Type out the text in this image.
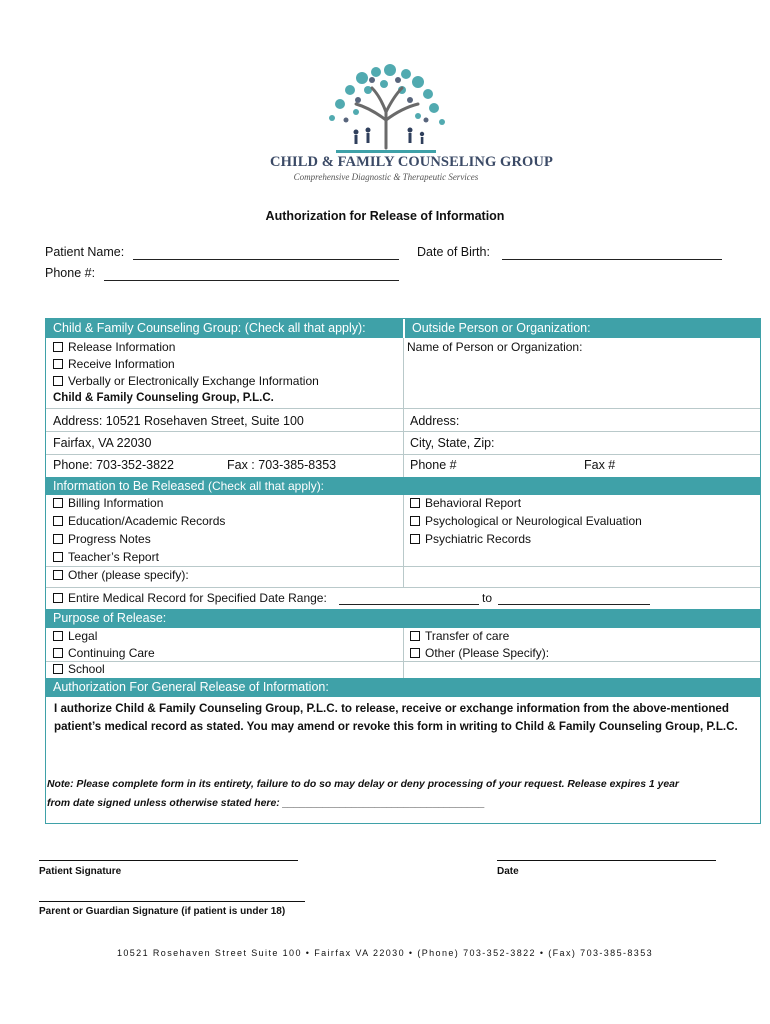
CHILD & FAMILY COUNSELING GROUP
Comprehensive Diagnostic & Therapeutic Services
Authorization for Release of Information
Patient Name:	Date of Birth:
Phone #:
Child & Family Counseling Group: (Check all that apply):	Outside Person or Organization:
Release Information
Receive Information
Verbally or Electronically Exchange Information
Child & Family Counseling Group, P.L.C.
Name of Person or Organization:
Address: 10521 Rosehaven Street, Suite 100	Address:
Fairfax, VA 22030	City, State, Zip:
Phone: 703-352-3822	Fax : 703-385-8353	Phone #	Fax #
Information to Be Released (Check all that apply):
Billing Information
Education/Academic Records
Progress Notes
Teacher’s Report
Other (please specify):
Behavioral Report
Psychological or Neurological Evaluation
Psychiatric Records
Entire Medical Record for Specified Date Range:	to
Purpose of Release:
Legal
Continuing Care
School
Transfer of care
Other (Please Specify):
Authorization For General Release of Information:
I authorize Child & Family Counseling Group, P.L.C. to release, receive or exchange information from the above-mentioned patient’s medical record as stated. You may amend or revoke this form in writing to Child & Family Counseling Group, P.L.C.
Note: Please complete form in its entirety, failure to do so may delay or deny processing of your request. Release expires 1 year
from date signed unless otherwise stated here: ___________________________________
Patient Signature	Date
Parent or Guardian Signature (if patient is under 18)
10521 Rosehaven Street Suite 100 • Fairfax VA 22030 • (Phone) 703-352-3822 • (Fax) 703-385-8353
